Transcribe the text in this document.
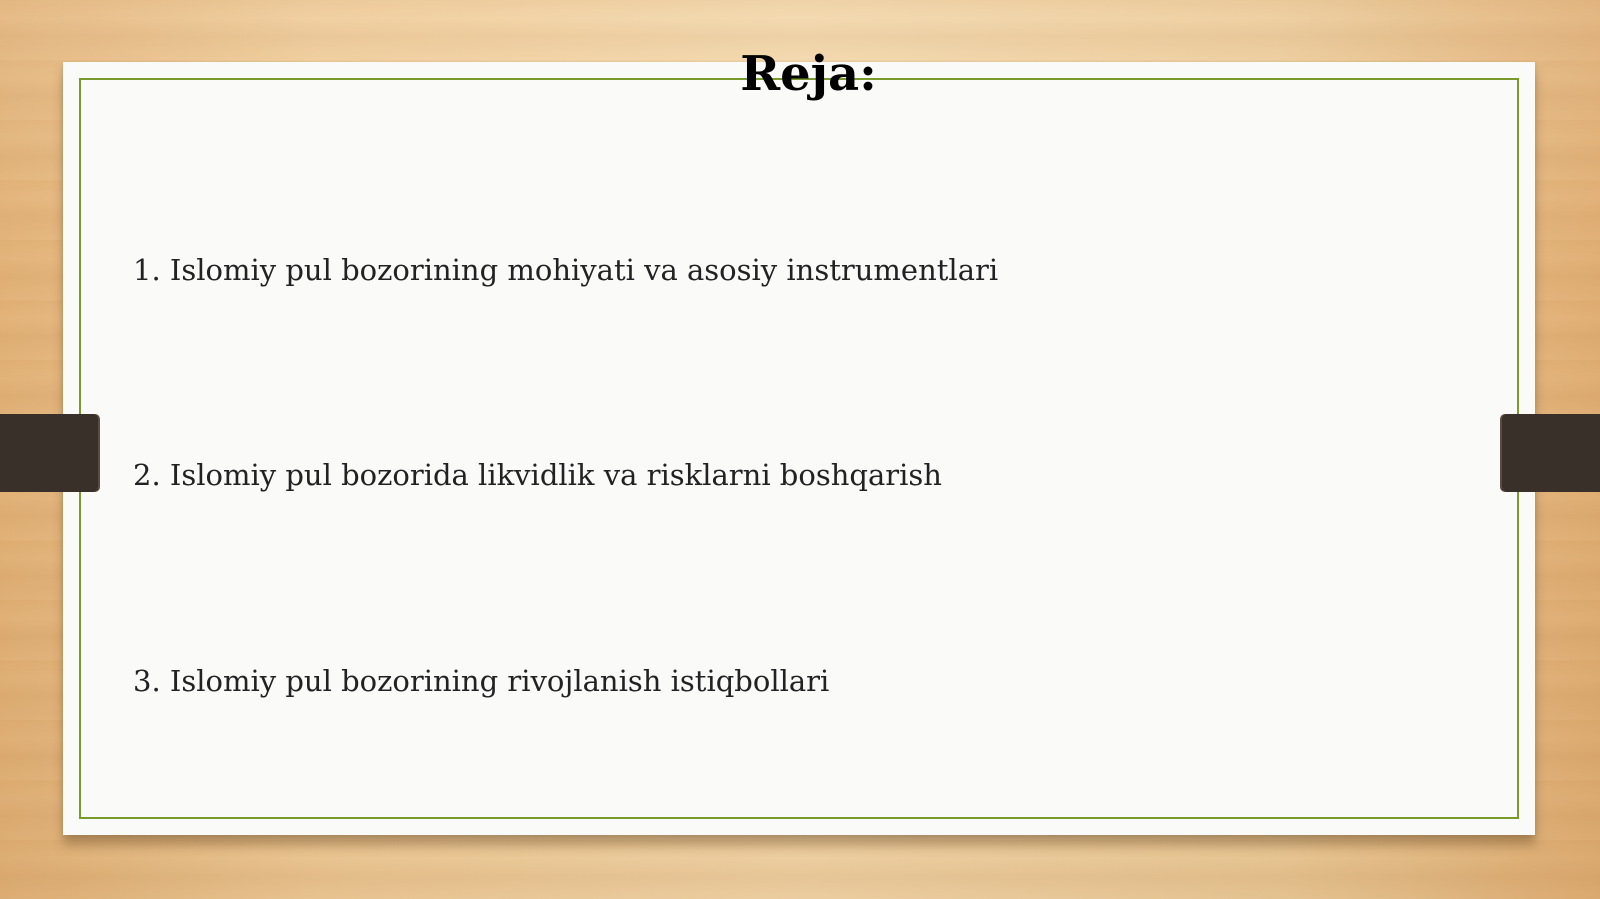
Reja:
1. Islomiy pul bozorining mohiyati va asosiy instrumentlari
2. Islomiy pul bozorida likvidlik va risklarni boshqarish
3. Islomiy pul bozorining rivojlanish istiqbollari
